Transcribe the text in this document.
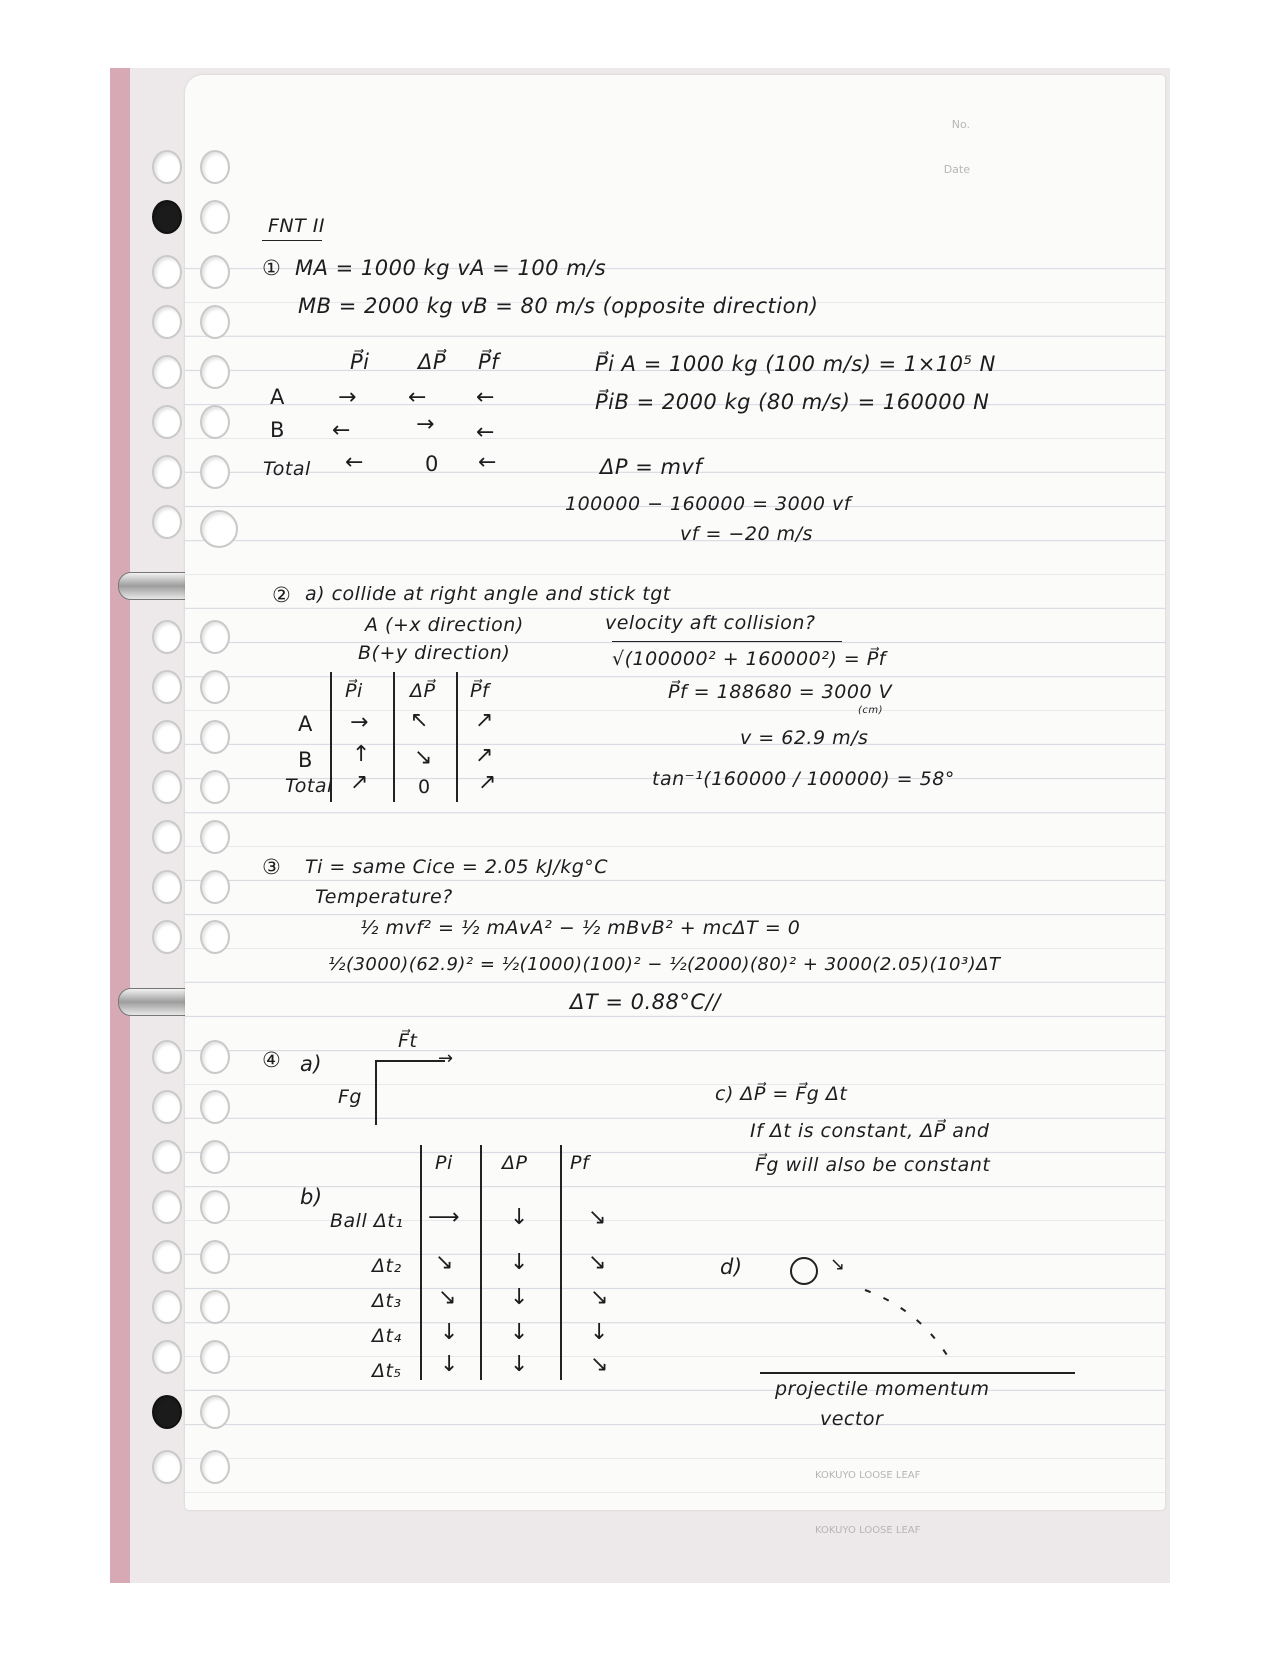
No.
Date
FNT II
① MA = 1000 kg vA = 100 m/s
MB = 2000 kg vB = 80 m/s (opposite direction)
P⃗i ΔP⃗ P⃗f
A → ← ←
B ←	→ ←
Total ←	0 ←
P⃗i A = 1000 kg (100 m/s) = 1×10⁵ N
P⃗iB = 2000 kg (80 m/s) = 160000 N
ΔP = mvf
100000 − 160000 = 3000 vf
vf = −20 m/s
② a) collide at right angle and stick tgt
A (+x direction)
B(+y direction)
P⃗i ΔP⃗ P⃗f
A → ↖ ↗
B ↑ ↘ ↗
Total ↗	0 ↗
velocity aft collision?
√(100000² + 160000²) = P⃗f
P⃗f = 188680 = 3000 V
(cm)
v = 62.9 m/s
tan⁻¹(160000 / 100000) = 58°
③ Ti = same Cice = 2.05 kJ/kg°C
Temperature?
½ mvf² = ½ mAvA² − ½ mBvB² + mcΔT = 0
½(3000)(62.9)² = ½(1000)(100)² − ½(2000)(80)² + 3000(2.05)(10³)ΔT
ΔT = 0.88°C//
④ a)
F⃗t
Fg
→
b)
Pi	ΔP Pf
Ball Δt₁ ⟶ ↓	↘
Δt₂ ↘	↓	↘
Δt₃ ↘ ↓	↘
Δt₄ ↓ ↓	↓
Δt₅ ↓ ↓	↘
c) ΔP⃗ = F⃗g Δt
If Δt is constant, ΔP⃗ and
F⃗g will also be constant
d)	↘
projectile momentum
vector
KOKUYO LOOSE LEAF
KOKUYO LOOSE LEAF
